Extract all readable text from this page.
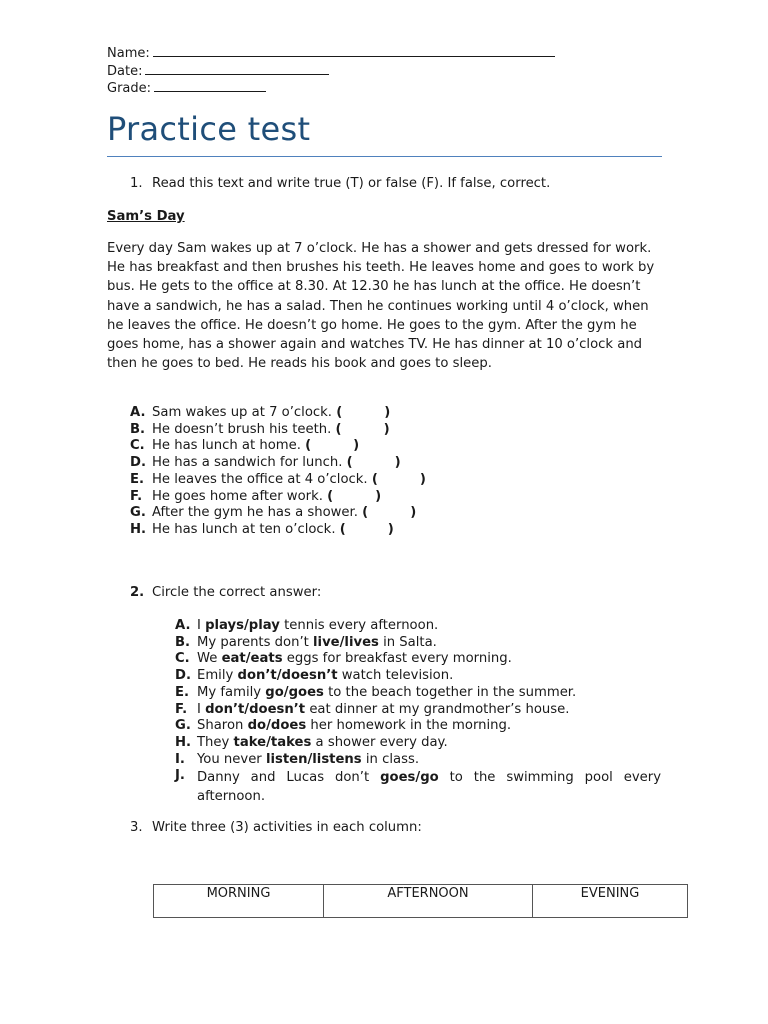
Name:
Date:
Grade:
Practice test
1. Read this text and write true (T) or false (F). If false, correct.
Sam’s Day
Every day Sam wakes up at 7 o’clock. He has a shower and gets dressed for work. He has breakfast and then brushes his teeth. He leaves home and goes to work by bus. He gets to the office at 8.30. At 12.30 he has lunch at the office. He doesn’t have a sandwich, he has a salad. Then he continues working until 4 o’clock, when he leaves the office. He doesn’t go home. He goes to the gym. After the gym he goes home, has a shower again and watches TV. He has dinner at 10 o’clock and then he goes to bed. He reads his book and goes to sleep.
A. Sam wakes up at 7 o’clock. (	)
B. He doesn’t brush his teeth. (	)
C. He has lunch at home. (	)
D. He has a sandwich for lunch. (	)
E. He leaves the office at 4 o’clock. (	)
F. He goes home after work. (	)
G. After the gym he has a shower. (	)
H. He has lunch at ten o’clock. (	)
2. Circle the correct answer:
A. I plays/play tennis every afternoon.
B. My parents don’t live/lives in Salta.
C. We eat/eats eggs for breakfast every morning.
D. Emily don’t/doesn’t watch television.
E. My family go/goes to the beach together in the summer.
F. I don’t/doesn’t eat dinner at my grandmother’s house.
G. Sharon do/does her homework in the morning.
H. They take/takes a shower every day.
I. You never listen/listens in class.
J. Danny and Lucas don’t goes/go to the swimming pool every afternoon.
3. Write three (3) activities in each column:
MORNING	AFTERNOON	EVENING
